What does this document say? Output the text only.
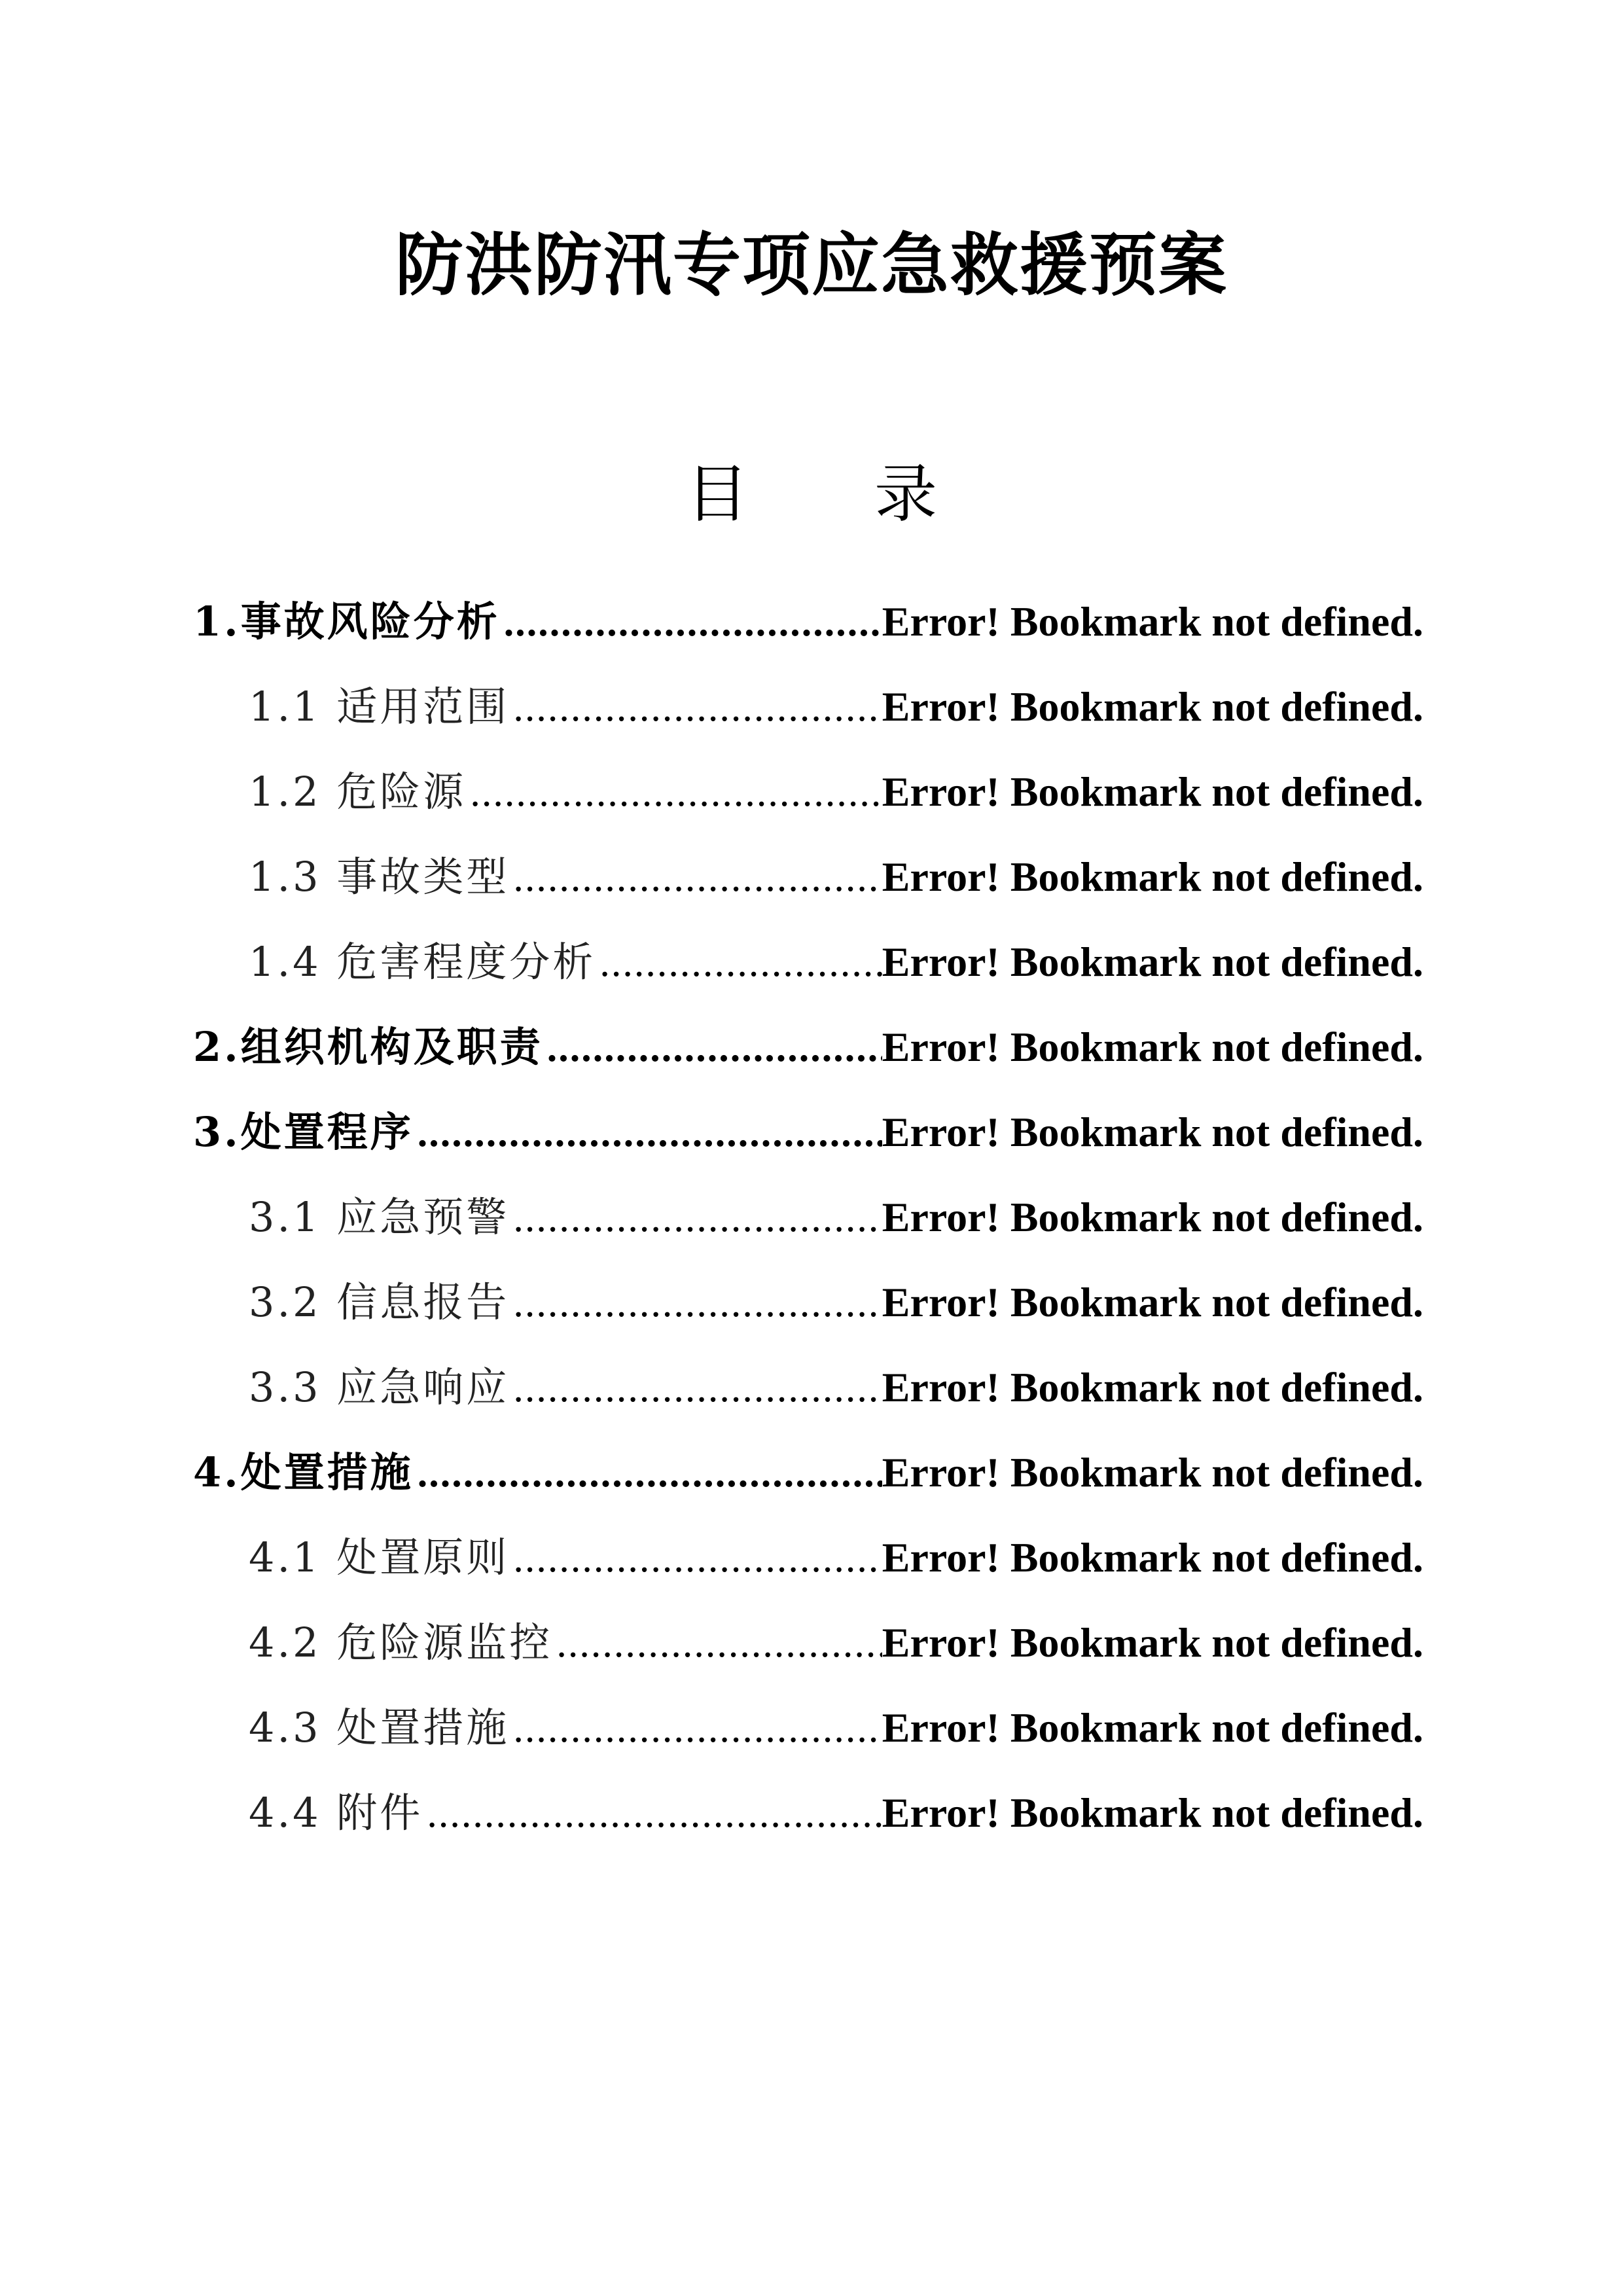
防洪防汛专项应急救援预案
目　　录
1.事故风险分析 .....	Error! Bookmark not defined.
1.1 适用范围 .....	Error! Bookmark not defined.
1.2 危险源 .....	Error! Bookmark not defined.
1.3 事故类型 .....	Error! Bookmark not defined.
1.4 危害程度分析 .....	Error! Bookmark not defined.
2.组织机构及职责 .....	Error! Bookmark not defined.
3.处置程序 .....	Error! Bookmark not defined.
3.1 应急预警 .....	Error! Bookmark not defined.
3.2 信息报告 .....	Error! Bookmark not defined.
3.3 应急响应 .....	Error! Bookmark not defined.
4.处置措施 .....	Error! Bookmark not defined.
4.1 处置原则 .....	Error! Bookmark not defined.
4.2 危险源监控 .....	Error! Bookmark not defined.
4.3 处置措施 .....	Error! Bookmark not defined.
4.4 附件 .....	Error! Bookmark not defined.
